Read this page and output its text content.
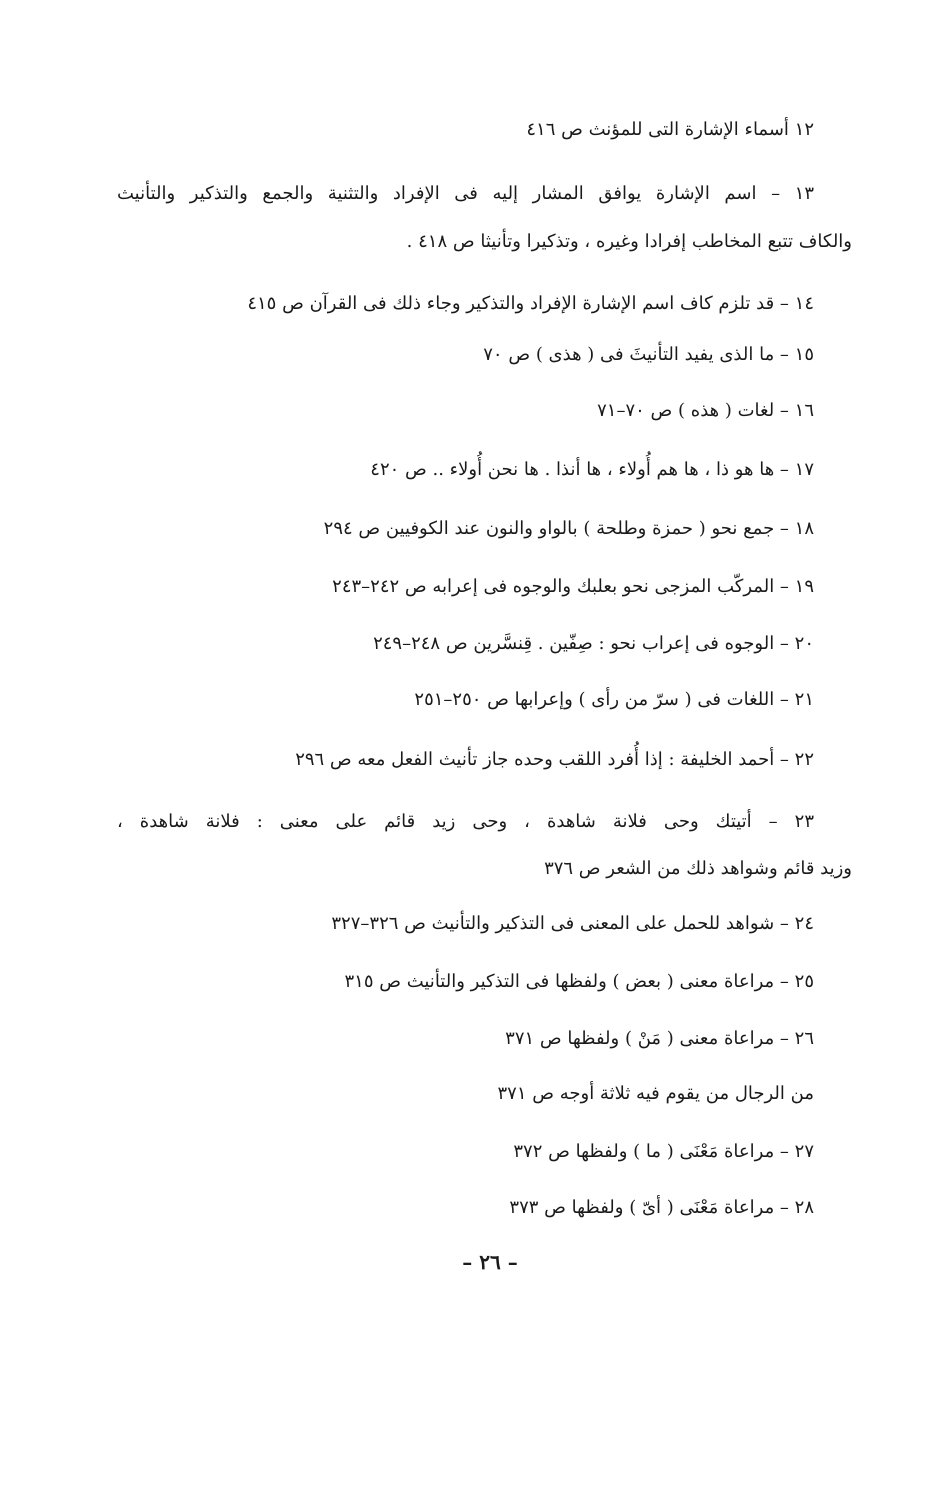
١٢ أسماء الإشارة التى للمؤنث ص ٤١٦
١٣ – اسم الإشارة يوافق المشار إليه فى الإفراد والتثنية والجمع والتذكير والتأنيث
والكاف تتبع المخاطب إفرادا وغيره ، وتذكيرا وتأنيثا ص ٤١٨ .
١٤ – قد تلزم كاف اسم الإشارة الإفراد والتذكير وجاء ذلك فى القرآن ص ٤١٥
١٥ – ما الذى يفيد التأنيثَ فى ( هذى ) ص ٧٠
١٦ – لغات ( هذه ) ص ٧٠–٧١
١٧ – ها هو ذا ، ها هم أُولاء ، ها أنذا . ها نحن أُولاء .. ص ٤٢٠
١٨ – جمع نحو ( حمزة وطلحة ) بالواو والنون عند الكوفيين ص ٢٩٤
١٩ – المركّب المزجى نحو بعلبك والوجوه فى إعرابه ص ٢٤٢–٢٤٣
٢٠ – الوجوه فى إعراب نحو : صِفّين . قِنسَّرين ص ٢٤٨–٢٤٩
٢١ – اللغات فى ( سرّ من رأى ) وإعرابها ص ٢٥٠–٢٥١
٢٢ – أحمد الخليفة : إذا أُفرد اللقب وحده جاز تأنيث الفعل معه ص ٢٩٦
٢٣ – أتيتك وحى فلانة شاهدة ، وحى زيد قائم على معنى : فلانة شاهدة ،
وزيد قائم وشواهد ذلك من الشعر ص ٣٧٦
٢٤ – شواهد للحمل على المعنى فى التذكير والتأنيث ص ٣٢٦–٣٢٧
٢٥ – مراعاة معنى ( بعض ) ولفظها فى التذكير والتأنيث ص ٣١٥
٢٦ – مراعاة معنى ( مَنْ ) ولفظها ص ٣٧١
من الرجال من يقوم فيه ثلاثة أوجه ص ٣٧١
٢٧ – مراعاة مَعْنَى ( ما ) ولفظها ص ٣٧٢
٢٨ – مراعاة مَعْنَى ( أىّ ) ولفظها ص ٣٧٣
– ٢٦ –
